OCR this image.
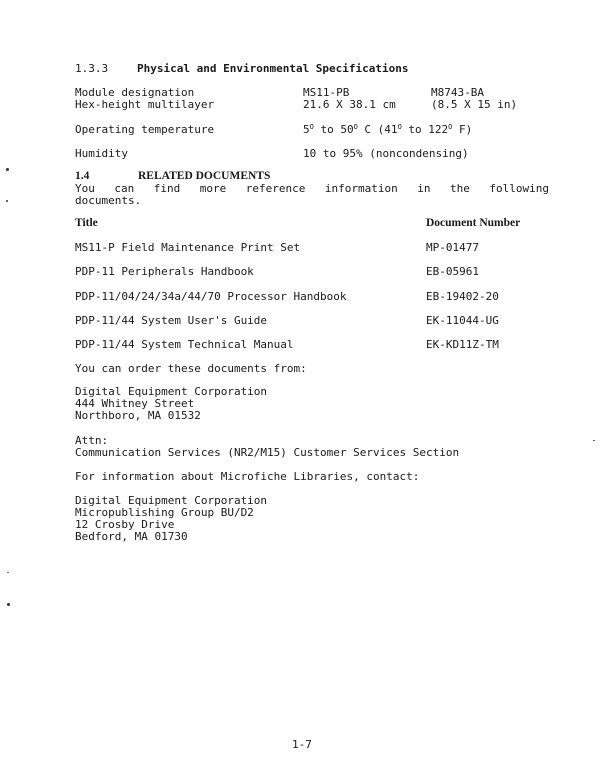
1.3.3	Physical and Environmental Specifications
Module designation	MS11-PB	M8743-BA
Hex-height multilayer	21.6 X 38.1 cm	(8.5 X 15 in)
Operating temperature	$5^O$ to $50^O$ C ($41^O$ to $122^O$ F)
Humidity	10 to 95% (noncondensing)
1.4	RELATED DOCUMENTS
You can find more reference information in the following
documents.
Title	Document Number
MS11-P Field Maintenance Print Set	MP-01477
PDP-11 Peripherals Handbook	EB-05961
PDP-11/04/24/34a/44/70 Processor Handbook	EB-19402-20
PDP-11/44 System User's Guide	EK-11044-UG
PDP-11/44 System Technical Manual	EK-KD11Z-TM
You can order these documents from:
Digital Equipment Corporation
444 Whitney Street
Northboro, MA 01532
Attn:
Communication Services (NR2/M15) Customer Services Section
For information about Microfiche Libraries, contact:
Digital Equipment Corporation
Micropublishing Group BU/D2
12 Crosby Drive
Bedford, MA 01730
1-7
